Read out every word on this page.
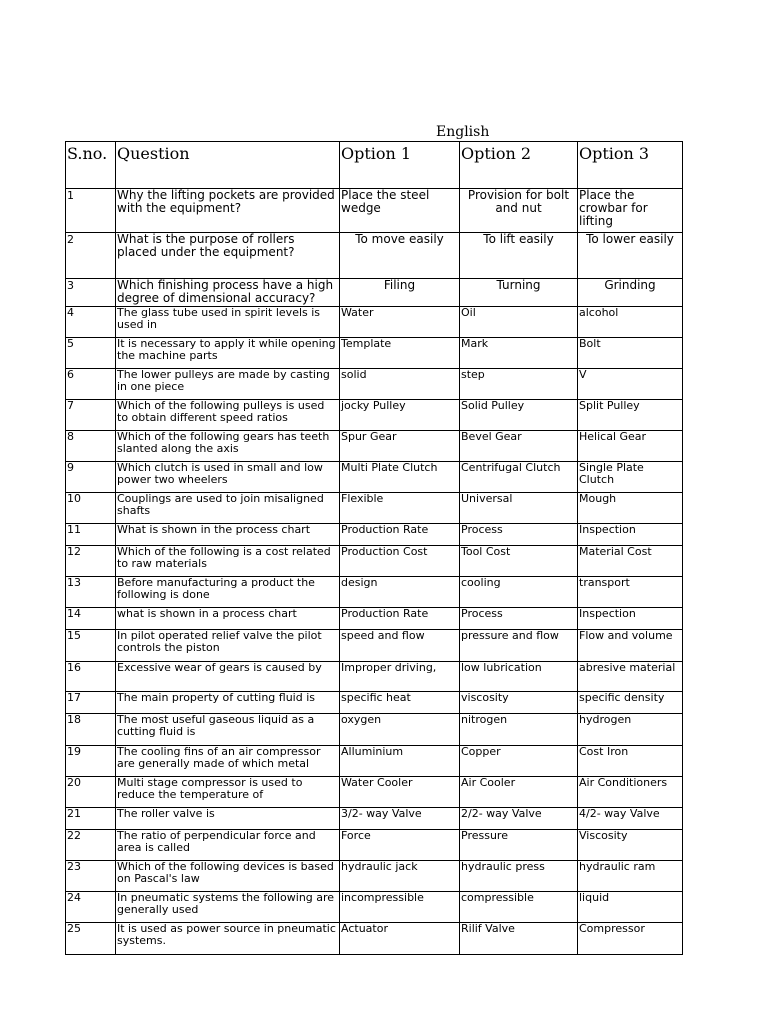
English
S.no.	Question	Option 1	Option 2	Option 3
1	Why the lifting pockets are provided with the equipment?	Place the steel wedge	Provision for bolt and nut	Place the crowbar for lifting
2	What is the purpose of rollers placed under the equipment?	To move easily	To lift easily	To lower easily
3	Which finishing process have a high degree of dimensional accuracy?	Filing	Turning	Grinding
4	The glass tube used in spirit levels is used in	Water	Oil	alcohol
5	It is necessary to apply it while opening the machine parts	Template	Mark	Bolt
6	The lower pulleys are made by casting in one piece	solid	step	V
7	Which of the following pulleys is used to obtain different speed ratios	jocky Pulley	Solid Pulley	Split Pulley
8	Which of the following gears has teeth slanted along the axis	Spur Gear	Bevel Gear	Helical Gear
9	Which clutch is used in small and low power two wheelers	Multi Plate Clutch	Centrifugal Clutch	Single Plate Clutch
10	Couplings are used to join misaligned shafts	Flexible	Universal	Mough
11	What is shown in the process chart	Production Rate	Process	Inspection
12	Which of the following is a cost related to raw materials	Production Cost	Tool Cost	Material Cost
13	Before manufacturing a product the following is done	design	cooling	transport
14	what is shown in a process chart	Production Rate	Process	Inspection
15	In pilot operated relief valve the pilot controls the piston	speed and flow	pressure and flow	Flow and volume
16	Excessive wear of gears is caused by	Improper driving,	low lubrication	abresive material
17	The main property of cutting fluid is	specific heat	viscosity	specific density
18	The most useful gaseous liquid as a cutting fluid is	oxygen	nitrogen	hydrogen
19	The cooling fins of an air compressor are generally made of which metal	Alluminium	Copper	Cost Iron
20	Multi stage compressor is used to reduce the temperature of	Water Cooler	Air Cooler	Air Conditioners
21	The roller valve is	3/2- way Valve	2/2- way Valve	4/2- way Valve
22	The ratio of perpendicular force and area is called	Force	Pressure	Viscosity
23	Which of the following devices is based on Pascal's law	hydraulic jack	hydraulic press	hydraulic ram
24	In pneumatic systems the following are generally used	incompressible	compressible	liquid
25	It is used as power source in pneumatic systems.	Actuator	Rilif Valve	Compressor
